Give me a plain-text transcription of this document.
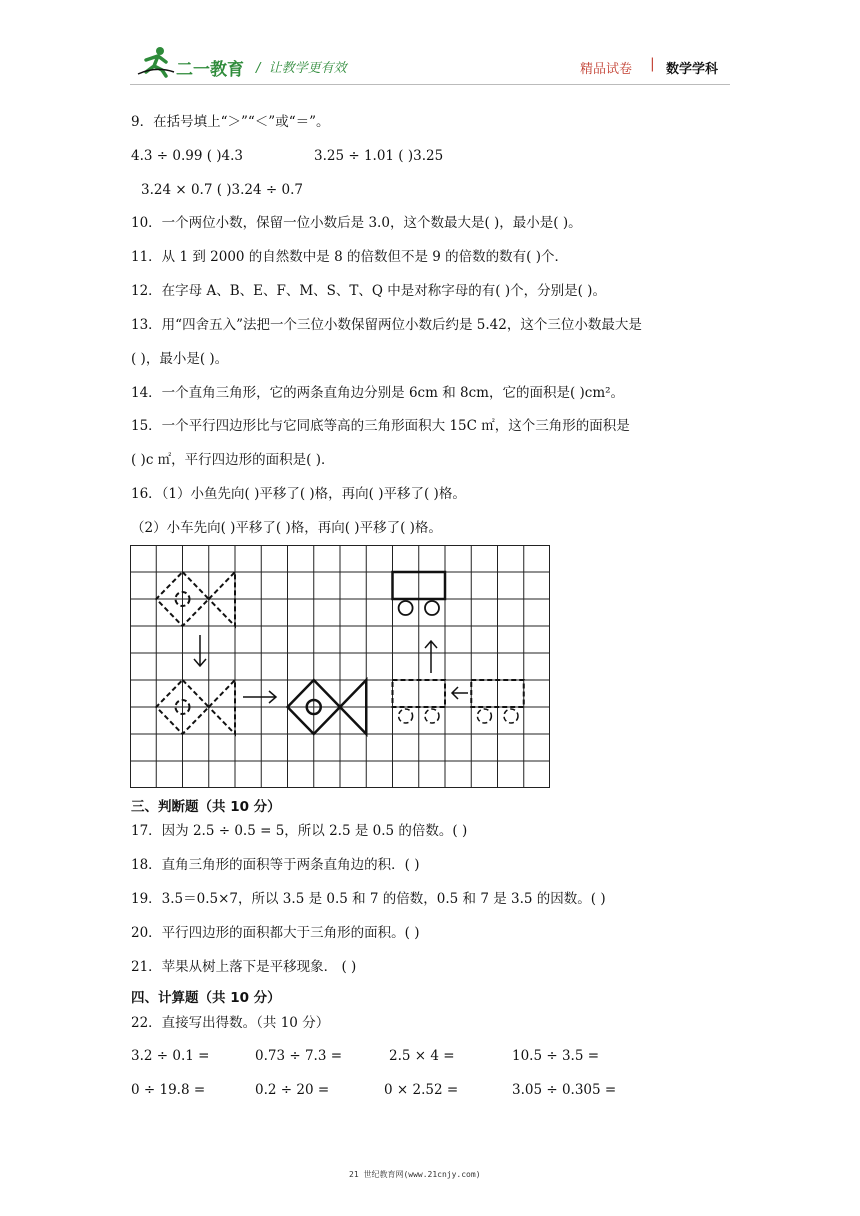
二一教育 /  让教学更有效	精品试卷 | 数学学科
9．在括号填上“＞”“＜”或“＝”。
4.3 ÷ 0.99 ( )4.3	3.25 ÷ 1.01 ( )3.25
3.24 × 0.7 ( )3.24 ÷ 0.7
10．一个两位小数，保留一位小数后是 3.0，这个数最大是( )，最小是( )。
11．从 1 到 2000 的自然数中是 8 的倍数但不是 9 的倍数的数有( )个．
12．在字母 A、B、E、F、M、S、T、Q 中是对称字母的有( )个，分别是( )。
13．用“四舍五入”法把一个三位小数保留两位小数后约是 5.42，这个三位小数最大是
( )，最小是( )。
14．一个直角三角形，它的两条直角边分别是 6cm 和 8cm，它的面积是( )cm²。
15．一个平行四边形比与它同底等高的三角形面积大 15C ㎡，这个三角形的面积是
( )c ㎡，平行四边形的面积是( )．
16．（1）小鱼先向( )平移了( )格，再向( )平移了( )格。
（2）小车先向( )平移了( )格，再向( )平移了( )格。
三、判断题（共 10 分）
17．因为 2.5 ÷ 0.5 = 5，所以 2.5 是 0.5 的倍数。( )
18．直角三角形的面积等于两条直角边的积．( )
19．3.5＝0.5×7，所以 3.5 是 0.5 和 7 的倍数，0.5 和 7 是 3.5 的因数。( )
20．平行四边形的面积都大于三角形的面积。( )
21．苹果从树上落下是平移现象． ( )
四、计算题（共 10 分）
22．直接写出得数。（共 10 分）
3.2 ÷ 0.1 =	0.73 ÷ 7.3 =	2.5 × 4 =	10.5 ÷ 3.5 =
0 ÷ 19.8 =	0.2 ÷ 20 =	0 × 2.52 =	3.05 ÷ 0.305 =
21 世纪教育网(www.21cnjy.com)
